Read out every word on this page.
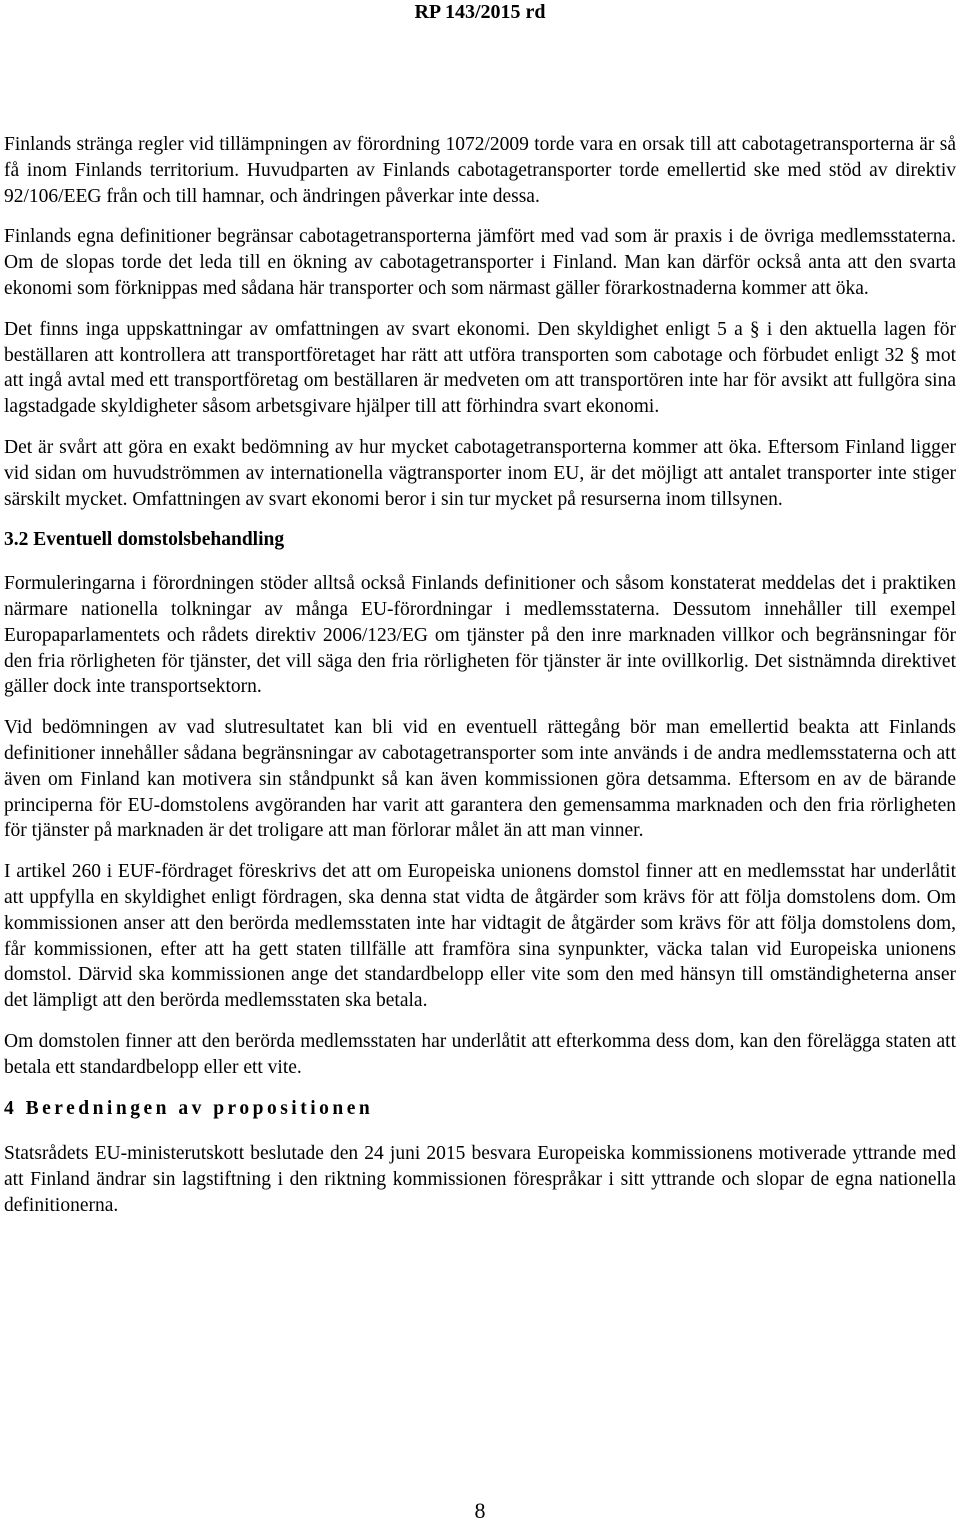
RP 143/2015 rd

Finlands stränga regler vid tillämpningen av förordning 1072/2009 torde vara en orsak till att cabotagetransporterna är så få inom Finlands territorium. Huvudparten av Finlands cabotagetransporter torde emellertid ske med stöd av direktiv 92/106/EEG från och till hamnar, och ändringen påverkar inte dessa.

Finlands egna definitioner begränsar cabotagetransporterna jämfört med vad som är praxis i de övriga medlemsstaterna. Om de slopas torde det leda till en ökning av cabotagetransporter i Finland. Man kan därför också anta att den svarta ekonomi som förknippas med sådana här transporter och som närmast gäller förarkostnaderna kommer att öka.

Det finns inga uppskattningar av omfattningen av svart ekonomi. Den skyldighet enligt 5 a § i den aktuella lagen för beställaren att kontrollera att transportföretaget har rätt att utföra transporten som cabotage och förbudet enligt 32 § mot att ingå avtal med ett transportföretag om beställaren är medveten om att transportören inte har för avsikt att fullgöra sina lagstadgade skyldigheter såsom arbetsgivare hjälper till att förhindra svart ekonomi.

Det är svårt att göra en exakt bedömning av hur mycket cabotagetransporterna kommer att öka. Eftersom Finland ligger vid sidan om huvudströmmen av internationella vägtransporter inom EU, är det möjligt att antalet transporter inte stiger särskilt mycket. Omfattningen av svart ekonomi beror i sin tur mycket på resurserna inom tillsynen.

3.2 Eventuell domstolsbehandling

Formuleringarna i förordningen stöder alltså också Finlands definitioner och såsom konstaterat meddelas det i praktiken närmare nationella tolkningar av många EU-förordningar i medlemsstaterna. Dessutom innehåller till exempel Europaparlamentets och rådets direktiv 2006/123/EG om tjänster på den inre marknaden villkor och begränsningar för den fria rörligheten för tjänster, det vill säga den fria rörligheten för tjänster är inte ovillkorlig. Det sistnämnda direktivet gäller dock inte transportsektorn.

Vid bedömningen av vad slutresultatet kan bli vid en eventuell rättegång bör man emellertid beakta att Finlands definitioner innehåller sådana begränsningar av cabotagetransporter som inte används i de andra medlemsstaterna och att även om Finland kan motivera sin ståndpunkt så kan även kommissionen göra detsamma. Eftersom en av de bärande principerna för EU-domstolens avgöranden har varit att garantera den gemensamma marknaden och den fria rörligheten för tjänster på marknaden är det troligare att man förlorar målet än att man vinner.

I artikel 260 i EUF-fördraget föreskrivs det att om Europeiska unionens domstol finner att en medlemsstat har underlåtit att uppfylla en skyldighet enligt fördragen, ska denna stat vidta de åtgärder som krävs för att följa domstolens dom. Om kommissionen anser att den berörda medlemsstaten inte har vidtagit de åtgärder som krävs för att följa domstolens dom, får kommissionen, efter att ha gett staten tillfälle att framföra sina synpunkter, väcka talan vid Europeiska unionens domstol. Därvid ska kommissionen ange det standardbelopp eller vite som den med hänsyn till omständigheterna anser det lämpligt att den berörda medlemsstaten ska betala.

Om domstolen finner att den berörda medlemsstaten har underlåtit att efterkomma dess dom, kan den förelägga staten att betala ett standardbelopp eller ett vite.

4 Beredningen av propositionen

Statsrådets EU-ministerutskott beslutade den 24 juni 2015 besvara Europeiska kommissionens motiverade yttrande med att Finland ändrar sin lagstiftning i den riktning kommissionen förespråkar i sitt yttrande och slopar de egna nationella definitionerna.

8
